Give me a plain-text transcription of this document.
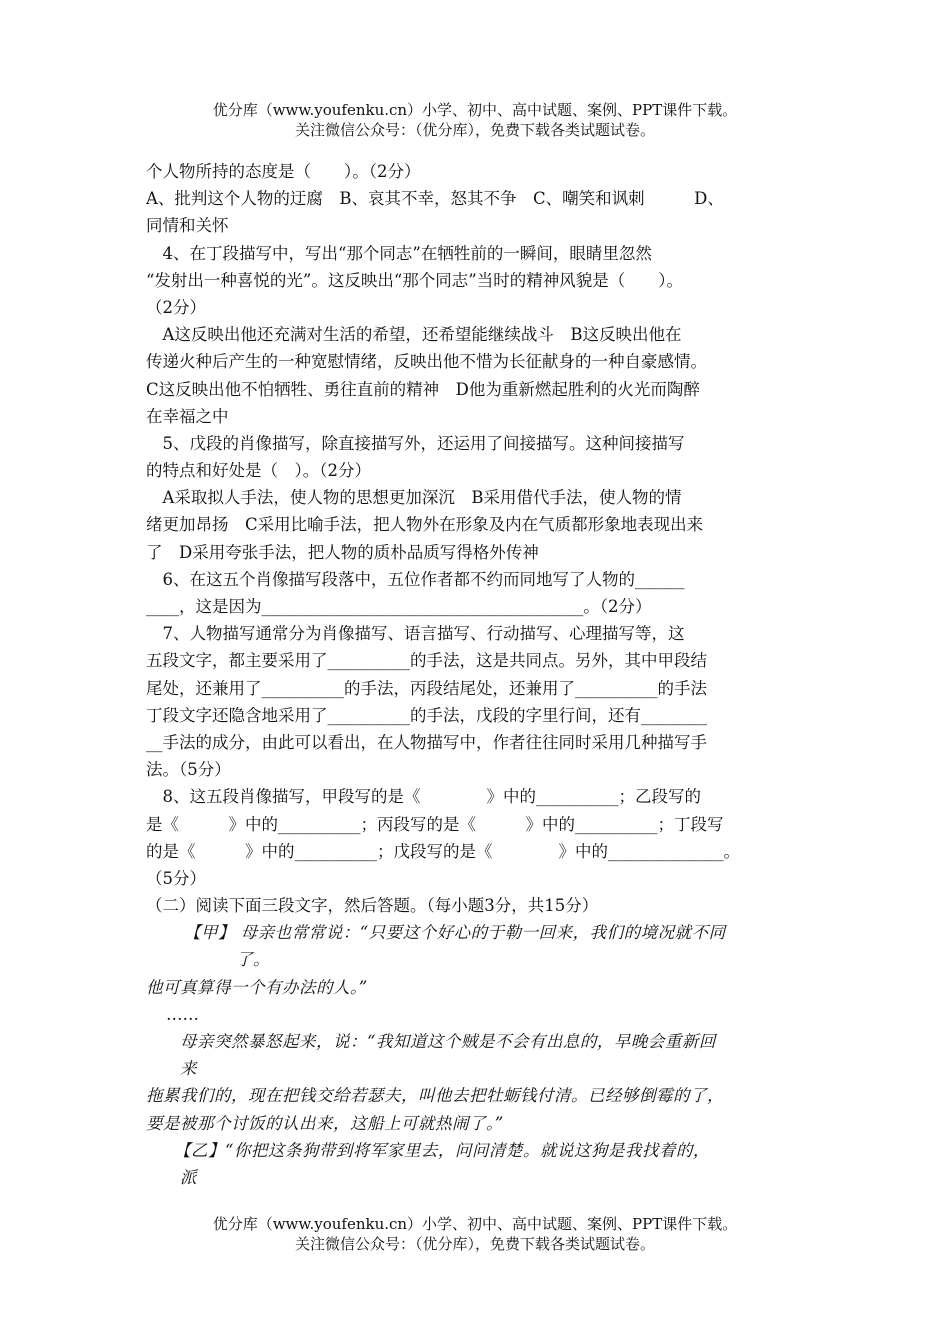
优分库（www.youfenku.cn）小学、初中、高中试题、案例、PPT课件下载。
关注微信公众号：（优分库），免费下载各类试题试卷。
个人物所持的态度是（　　）。（2分）
A、批判这个人物的迂腐　B、哀其不幸，怒其不争　C、嘲笑和讽刺　　　D、
同情和关怀
　4、在丁段描写中，写出“那个同志”在牺牲前的一瞬间，眼睛里忽然
“发射出一种喜悦的光”。这反映出“那个同志”当时的精神风貌是（　　）。
（2分）
　A这反映出他还充满对生活的希望，还希望能继续战斗　B这反映出他在
传递火种后产生的一种宽慰情绪，反映出他不惜为长征献身的一种自豪感情。
C这反映出他不怕牺牲、勇往直前的精神　D他为重新燃起胜利的火光而陶醉
在幸福之中
　5、戊段的肖像描写，除直接描写外，还运用了间接描写。这种间接描写
的特点和好处是（　）。（2分）
　A采取拟人手法，使人物的思想更加深沉　B采用借代手法，使人物的情
绪更加昂扬　C采用比喻手法，把人物外在形象及内在气质都形象地表现出来
了　D采用夸张手法，把人物的质朴品质写得格外传神
　6、在这五个肖像描写段落中，五位作者都不约而同地写了人物的______
____，这是因为_______________________________________。（2分）
　7、人物描写通常分为肖像描写、语言描写、行动描写、心理描写等，这
五段文字，都主要采用了__________的手法，这是共同点。另外，其中甲段结
尾处，还兼用了__________的手法，丙段结尾处，还兼用了__________的手法
丁段文字还隐含地采用了__________的手法，戊段的字里行间，还有________
__手法的成分，由此可以看出，在人物描写中，作者往往同时采用几种描写手
法。（5分）
　8、这五段肖像描写，甲段写的是《　　　　》中的__________；乙段写的
是《　　　》中的__________；丙段写的是《　　　》中的__________；丁段写
的是《　　　》中的__________；戊段写的是《　　　　》中的______________。
（5分）
（二）阅读下面三段文字，然后答题。（每小题3分，共15分）
【甲】 母亲也常常说：“只要这个好心的于勒一回来，我们的境况就不同
了。
他可真算得一个有办法的人。”
……
母亲突然暴怒起来，说：“我知道这个贼是不会有出息的，早晚会重新回
来
拖累我们的，现在把钱交给若瑟夫，叫他去把牡蛎钱付清。已经够倒霉的了，
要是被那个讨饭的认出来，这船上可就热闹了。”
【乙】“你把这条狗带到将军家里去，问问清楚。就说这狗是我找着的，
派
优分库（www.youfenku.cn）小学、初中、高中试题、案例、PPT课件下载。
关注微信公众号：（优分库），免费下载各类试题试卷。
